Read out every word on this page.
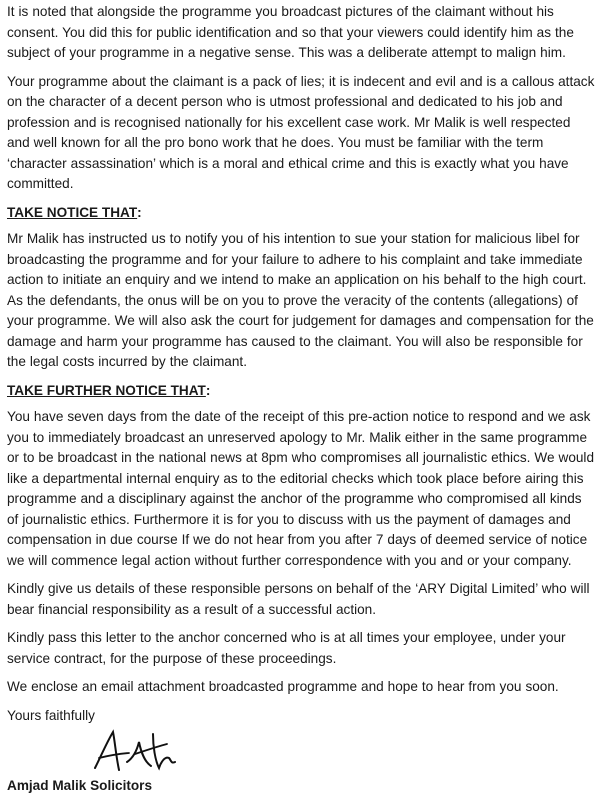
It is noted that alongside the programme you broadcast pictures of the claimant without his consent. You did this for public identification and so that your viewers could identify him as the subject of your programme in a negative sense. This was a deliberate attempt to malign him.

Your programme about the claimant is a pack of lies; it is indecent and evil and is a callous attack on the character of a decent person who is utmost professional and dedicated to his job and profession and is recognised nationally for his excellent case work. Mr Malik is well respected and well known for all the pro bono work that he does. You must be familiar with the term ‘character assassination’ which is a moral and ethical crime and this is exactly what you have committed.

TAKE NOTICE THAT:

Mr Malik has instructed us to notify you of his intention to sue your station for malicious libel for broadcasting the programme and for your failure to adhere to his complaint and take immediate action to initiate an enquiry and we intend to make an application on his behalf to the high court. As the defendants, the onus will be on you to prove the veracity of the contents (allegations) of your programme. We will also ask the court for judgement for damages and compensation for the damage and harm your programme has caused to the claimant. You will also be responsible for the legal costs incurred by the claimant.

TAKE FURTHER NOTICE THAT:

You have seven days from the date of the receipt of this pre-action notice to respond and we ask you to immediately broadcast an unreserved apology to Mr. Malik either in the same programme or to be broadcast in the national news at 8pm who compromises all journalistic ethics. We would like a departmental internal enquiry as to the editorial checks which took place before airing this programme and a disciplinary against the anchor of the programme who compromised all kinds of journalistic ethics. Furthermore it is for you to discuss with us the payment of damages and compensation in due course If we do not hear from you after 7 days of deemed service of notice we will commence legal action without further correspondence with you and or your company.

Kindly give us details of these responsible persons on behalf of the ‘ARY Digital Limited’ who will bear financial responsibility as a result of a successful action.

Kindly pass this letter to the anchor concerned who is at all times your employee, under your service contract, for the purpose of these proceedings.

We enclose an email attachment broadcasted programme and hope to hear from you soon.

Yours faithfully

Amjad Malik Solicitors
